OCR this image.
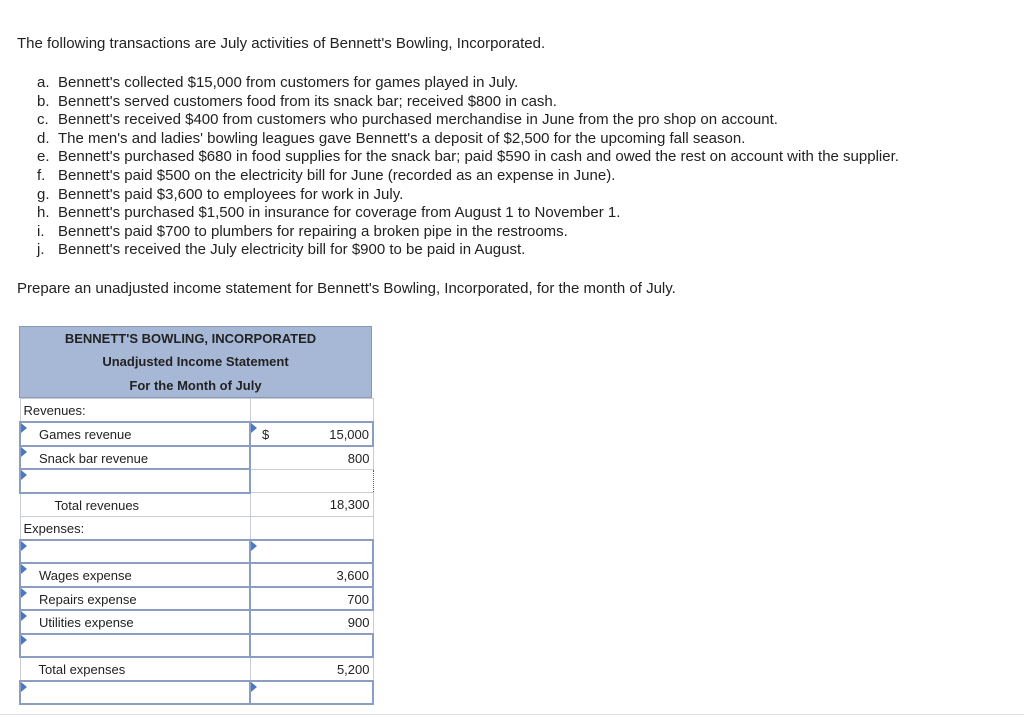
The following transactions are July activities of Bennett's Bowling, Incorporated.

a. Bennett's collected $15,000 from customers for games played in July.
b. Bennett's served customers food from its snack bar; received $800 in cash.
c. Bennett's received $400 from customers who purchased merchandise in June from the pro shop on account.
d. The men's and ladies' bowling leagues gave Bennett's a deposit of $2,500 for the upcoming fall season.
e. Bennett's purchased $680 in food supplies for the snack bar; paid $590 in cash and owed the rest on account with the supplier.
f. Bennett's paid $500 on the electricity bill for June (recorded as an expense in June).
g. Bennett's paid $3,600 to employees for work in July.
h. Bennett's purchased $1,500 in insurance for coverage from August 1 to November 1.
i. Bennett's paid $700 to plumbers for repairing a broken pipe in the restrooms.
j. Bennett's received the July electricity bill for $900 to be paid in August.

Prepare an unadjusted income statement for Bennett's Bowling, Incorporated, for the month of July.

BENNETT'S BOWLING, INCORPORATED
Unadjusted Income Statement
For the Month of July
Revenues:	

Games revenue	$ 15,000

Snack bar revenue	800

Total revenues	18,300

Expenses:	

Wages expense	3,600

Repairs expense	700

Utilities expense	900

Total expenses	5,200
